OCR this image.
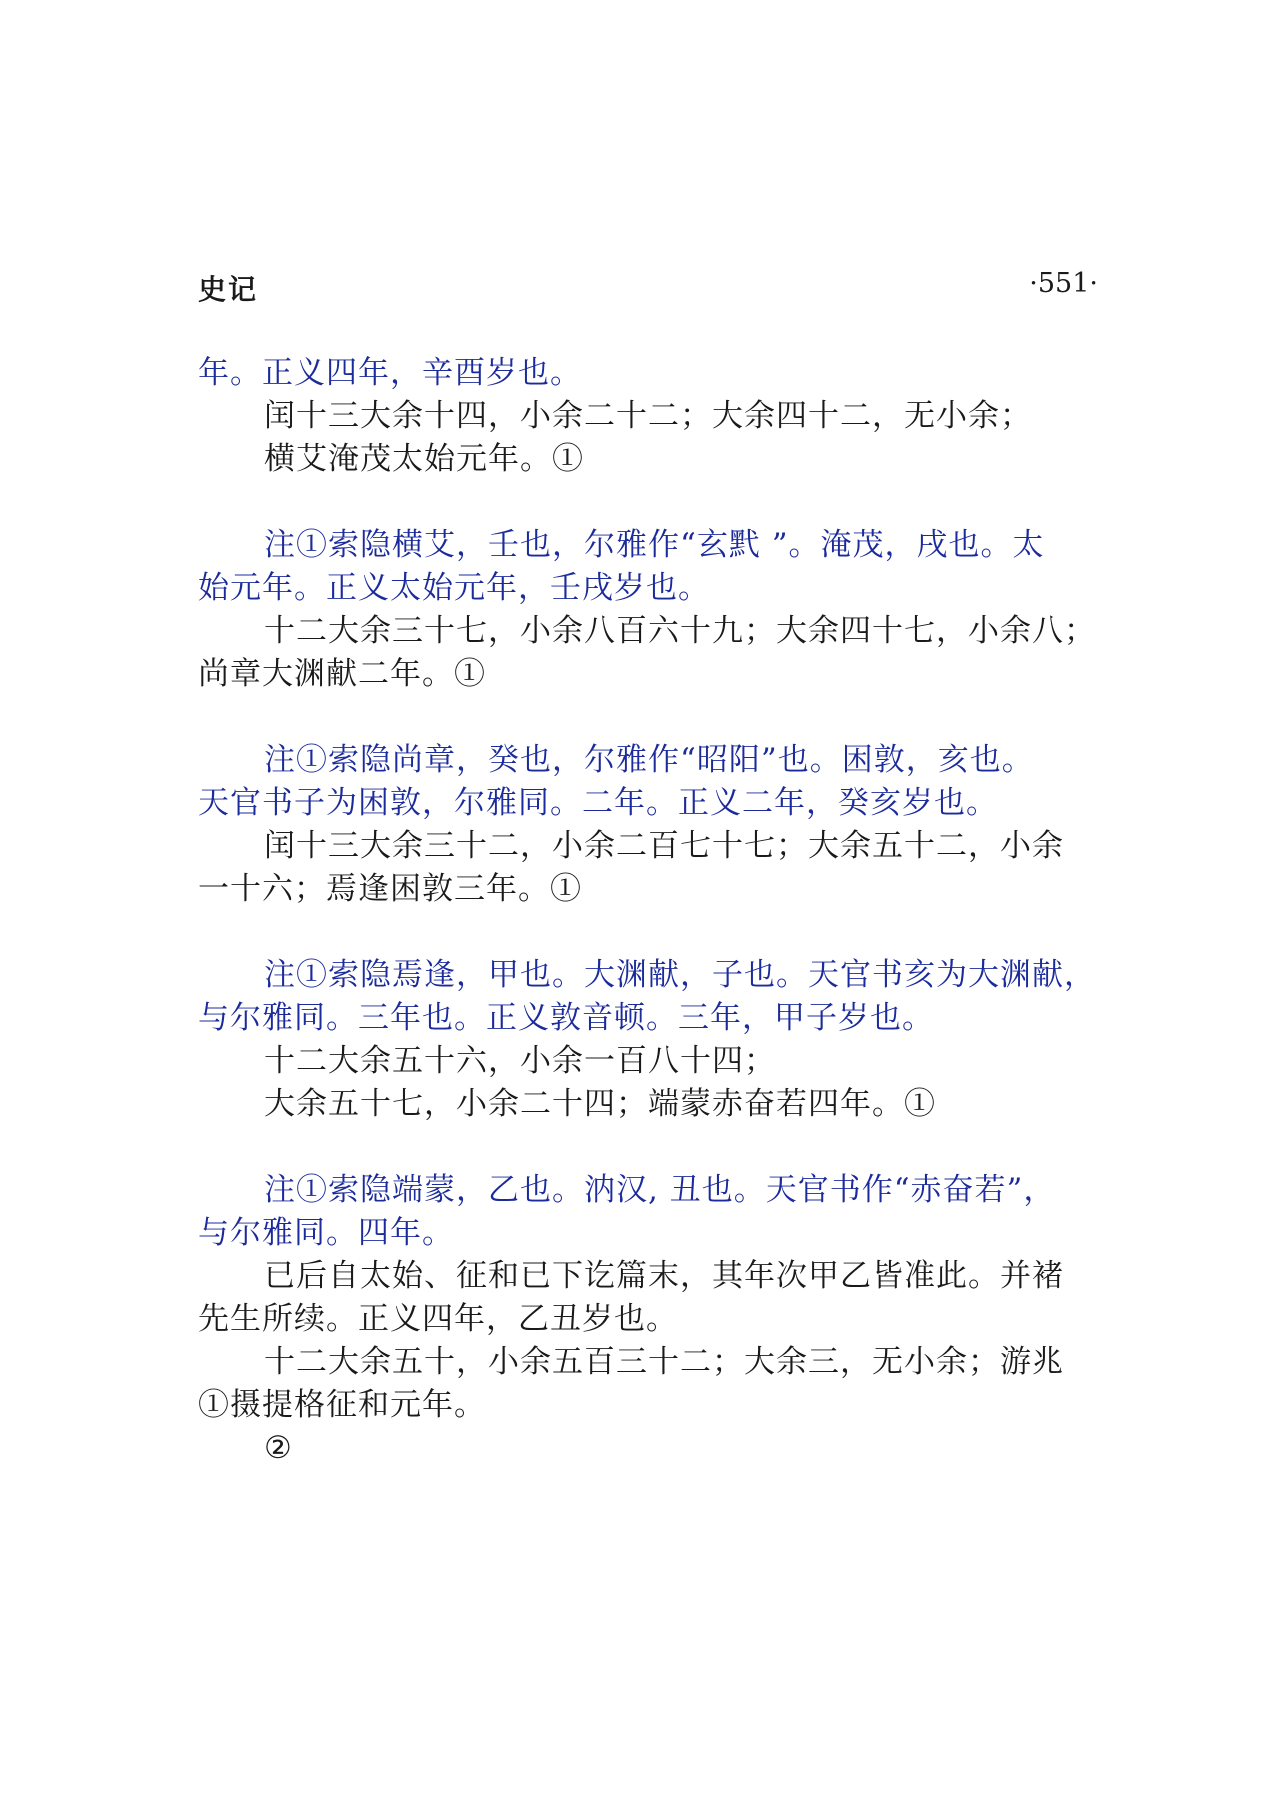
史记	·551·
年。正义四年，辛酉岁也。
闰十三大余十四，小余二十二；大余四十二，无小余；
横艾淹茂太始元年。①
注①索隐横艾，壬也，尔雅作“玄黓 ”。淹茂，戌也。太
始元年。正义太始元年，壬戌岁也。
十二大余三十七，小余八百六十九；大余四十七，小余八；
尚章大渊献二年。①
注①索隐尚章，癸也，尔雅作“昭阳”也。困敦，亥也。
天官书子为困敦，尔雅同。二年。正义二年，癸亥岁也。
闰十三大余三十二，小余二百七十七；大余五十二，小余
一十六；焉逢困敦三年。①
注①索隐焉逢，甲也。大渊献，子也。天官书亥为大渊献，
与尔雅同。三年也。正义敦音顿。三年，甲子岁也。
十二大余五十六，小余一百八十四；
大余五十七，小余二十四；端蒙赤奋若四年。①
注①索隐端蒙，乙也。汭汉, 丑也。天官书作“赤奋若”，
与尔雅同。四年。
已后自太始、征和已下讫篇末，其年次甲乙皆准此。并褚
先生所续。正义四年，乙丑岁也。
十二大余五十，小余五百三十二；大余三，无小余；游兆
①摄提格征和元年。
②
